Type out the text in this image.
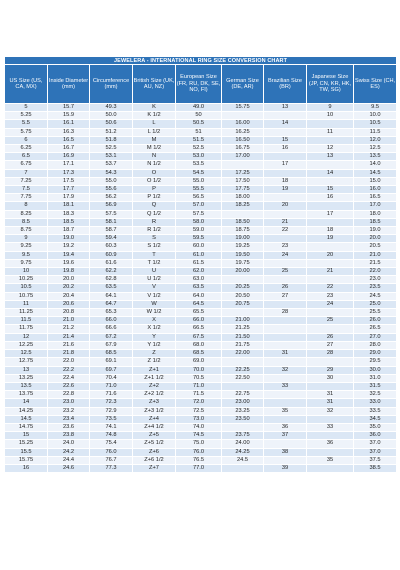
JEWELERA - INTERNATIONAL RING SIZE CONVERSION CHART								
US Size (US, CA, MX)	Inside Diameter (mm)	Circumference (mm)	British Size (UK, AU, NZ)	European Size (FR, RU, DK, SE, NO, FI)	German Size (DE, AR)	Brazilian Size (BR)	Japanese Size (JP, CN, KR, HK, TW, SG)	Swiss Size (CH, ES)
5	15.7	49.3	K	49.0	15.75	13	9	9.5
5.25	15.9	50.0	K 1/2	50			10	10.0
5.5	16.1	50.6	L	50.5	16.00	14		10.5
5.75	16.3	51.2	L 1/2	51	16.25		11	11.5
6	16.5	51.8	M	51.5	16.50	15		12.0
6.25	16.7	52.5	M 1/2	52.5	16.75	16	12	12.5
6.5	16.9	53.1	N	53.0	17.00		13	13.5
6.75	17.1	53.7	N 1/2	53.5		17		14.0
7	17.3	54.3	O	54.5	17.25		14	14.5
7.25	17.5	55.0	O 1/2	55.0	17.50	18		15.0
7.5	17.7	55.6	P	55.5	17.75	19	15	16.0
7.75	17.9	56.2	P 1/2	56.5	18.00		16	16.5
8	18.1	56.9	Q	57.0	18.25	20		17.0
8.25	18.3	57.5	Q 1/2	57.5			17	18.0
8.5	18.5	58.1	R	58.0	18.50	21		18.5
8.75	18.7	58.7	R 1/2	59.0	18.75	22	18	19.0
9	19.0	59.4	S	59.5	19.00		19	20.0
9.25	19.2	60.3	S 1/2	60.0	19.25	23		20.5
9.5	19.4	60.9	T	61.0	19.50	24	20	21.0
9.75	19.6	61.6	T 1/2	61.5	19.75			21.5
10	19.8	62.2	U	62.0	20.00	25	21	22.0
10.25	20.0	62.8	U 1/2	63.0				23.0
10.5	20.2	63.5	V	63.5	20.25	26	22	23.5
10.75	20.4	64.1	V 1/2	64.0	20.50	27	23	24.5
11	20.6	64.7	W	64.5	20.75		24	25.0
11.25	20.8	65.3	W 1/2	65.5		28		25.5
11.5	21.0	66.0	X	66.0	21.00		25	26.0
11.75	21.2	66.6	X 1/2	66.5	21.25			26.5
12	21.4	67.2	Y	67.5	21.50		26	27.0
12.25	21.6	67.9	Y 1/2	68.0	21.75		27	28.0
12.5	21.8	68.5	Z	68.5	22.00	31	28	29.0
12.75	22.0	69.1	Z 1/2	69.0				29.5
13	22.2	69.7	Z+1	70.0	22.25	32	29	30.0
13.25	22.4	70.4	Z+1 1/2	70.5	22.50		30	31.0
13.5	22.6	71.0	Z+2	71.0		33		31.5
13.75	22.8	71.6	Z+2 1/2	71.5	22.75		31	32.5
14	23.0	72.3	Z+3	72.0	23.00		31	33.0
14.25	23.2	72.9	Z+3 1/2	72.5	23.25	35	32	33.5
14.5	23.4	73.5	Z+4	73.0	23.50			34.5
14.75	23.6	74.1	Z+4 1/2	74.0		36	33	35.0
15	23.8	74.8	Z+5	74.5	23.75	37		36.0
15.25	24.0	75.4	Z+5 1/2	75.0	24.00		36	37.0
15.5	24.2	76.0	Z+6	76.0	24.25	38		37.0
15.75	24.4	76.7	Z+6 1/2	76.5	24.5		35	37.5
16	24.6	77.3	Z+7	77.0		39		38.5
